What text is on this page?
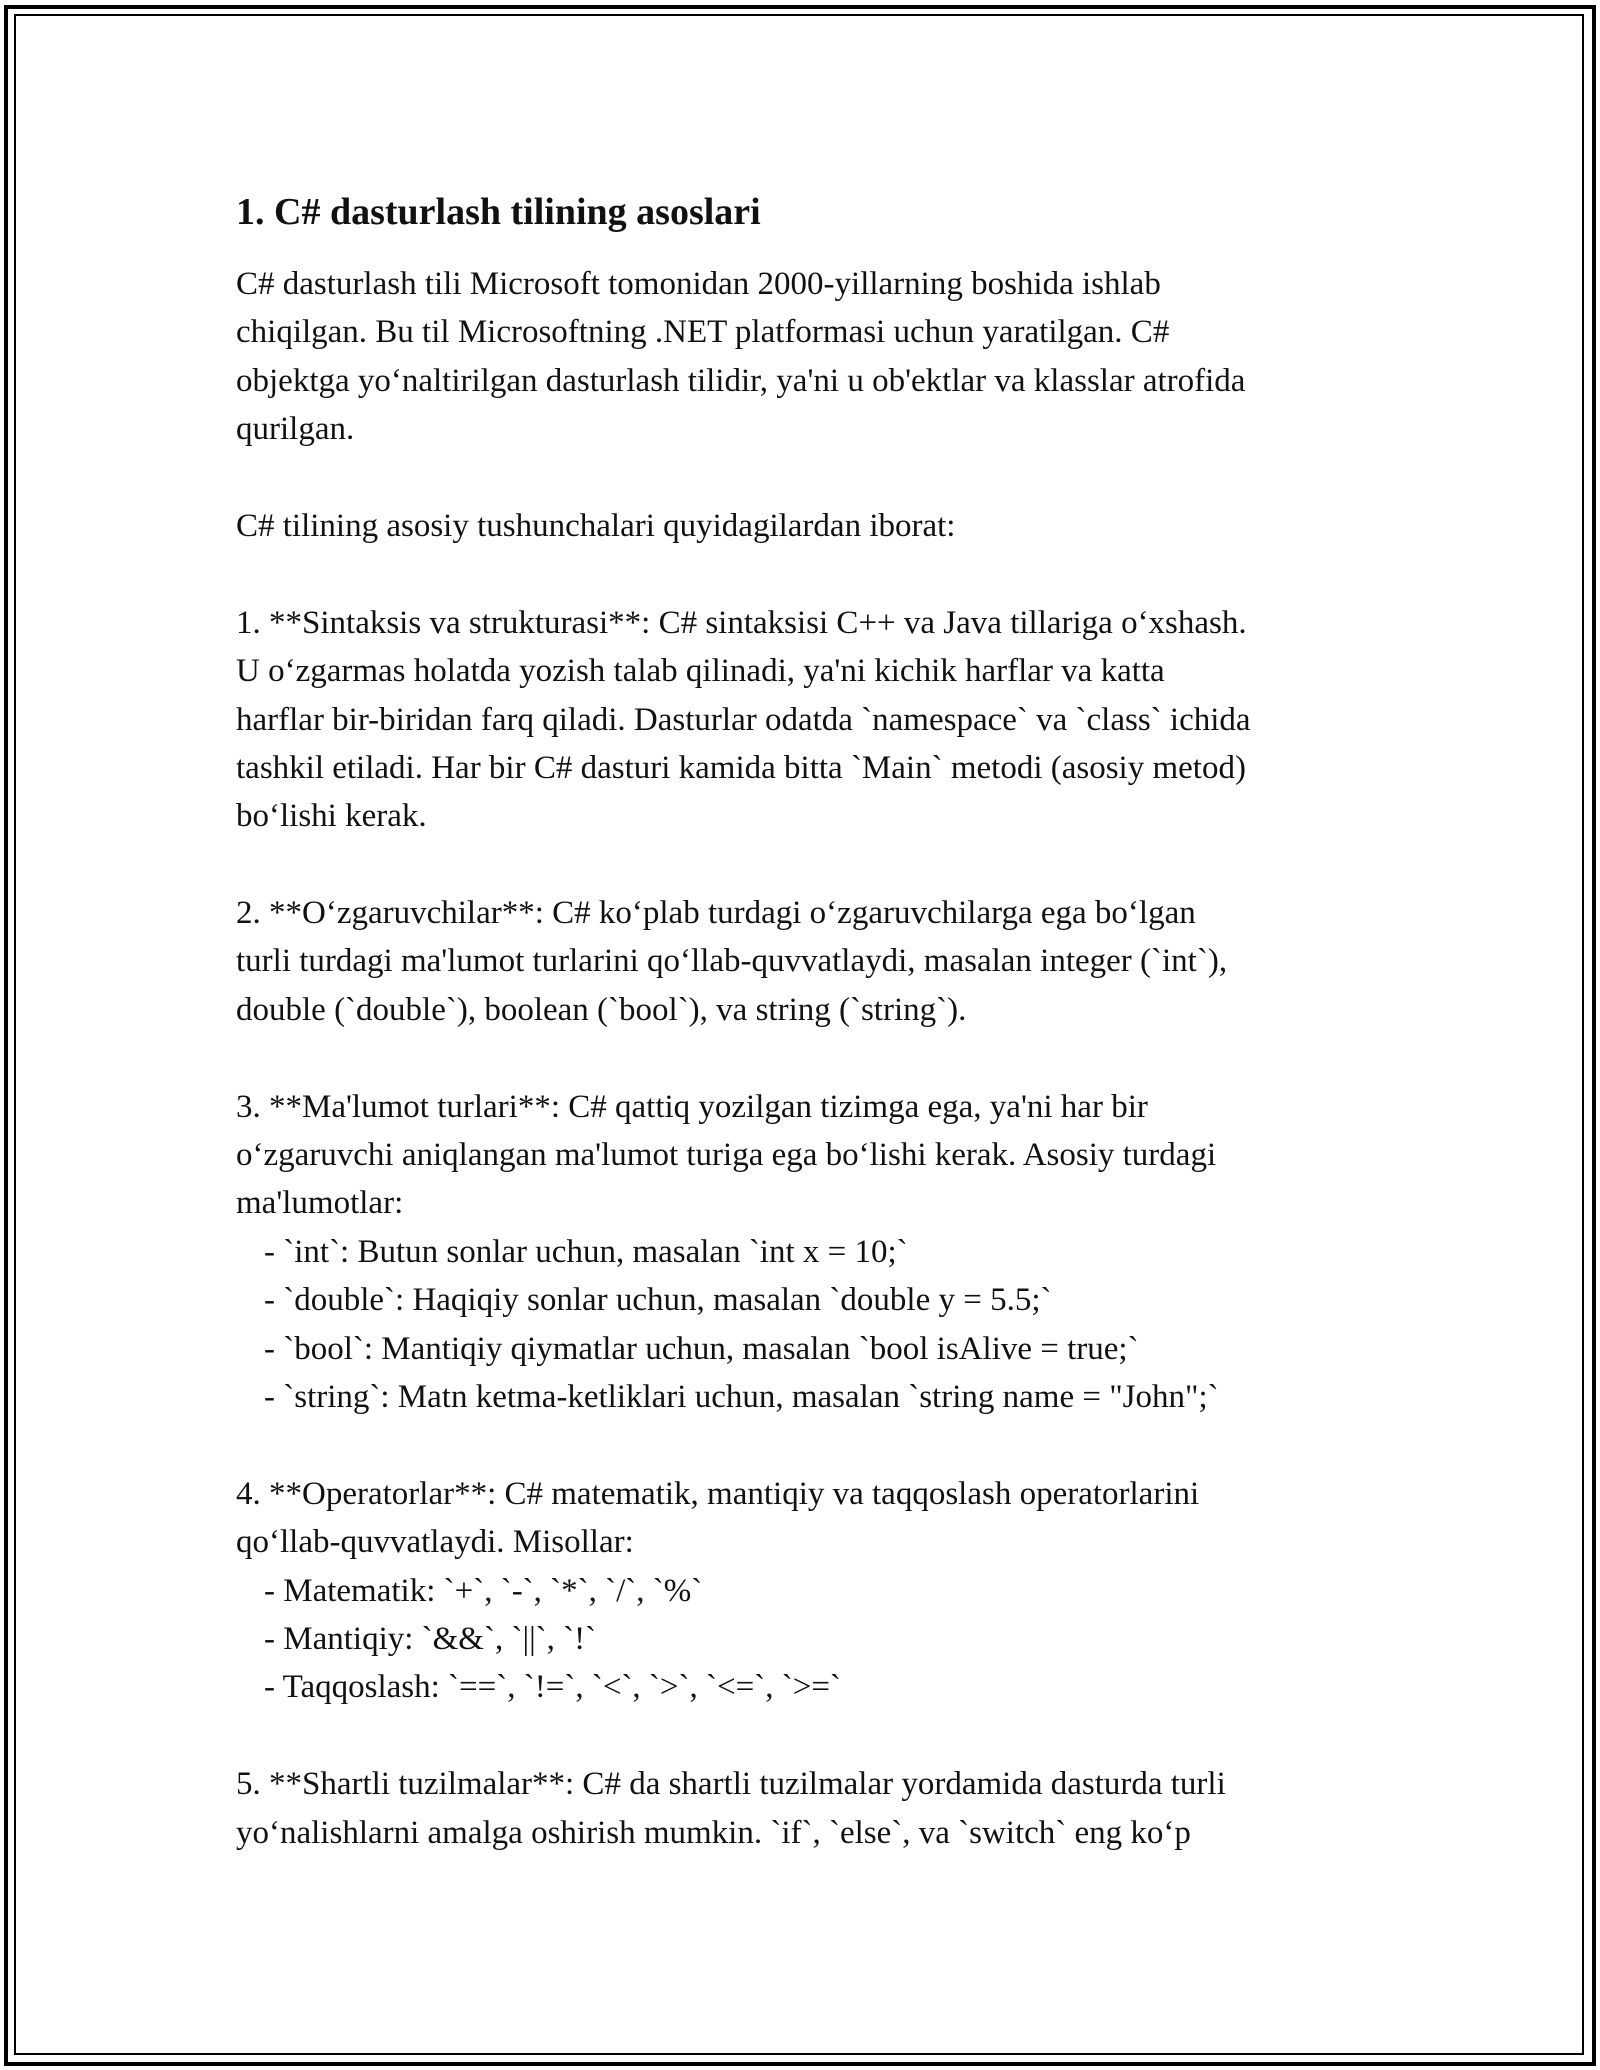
1. C# dasturlash tilining asoslari
C# dasturlash tili Microsoft tomonidan 2000-yillarning boshida ishlab
chiqilgan. Bu til Microsoftning .NET platformasi uchun yaratilgan. C#
objektga yo‘naltirilgan dasturlash tilidir, ya'ni u ob'ektlar va klasslar atrofida
qurilgan.
C# tilining asosiy tushunchalari quyidagilardan iborat:
1. **Sintaksis va strukturasi**: C# sintaksisi C++ va Java tillariga o‘xshash.
U o‘zgarmas holatda yozish talab qilinadi, ya'ni kichik harflar va katta
harflar bir-biridan farq qiladi. Dasturlar odatda `namespace` va `class` ichida
tashkil etiladi. Har bir C# dasturi kamida bitta `Main` metodi (asosiy metod)
bo‘lishi kerak.
2. **O‘zgaruvchilar**: C# ko‘plab turdagi o‘zgaruvchilarga ega bo‘lgan
turli turdagi ma'lumot turlarini qo‘llab-quvvatlaydi, masalan integer (`int`),
double (`double`), boolean (`bool`), va string (`string`).
3. **Ma'lumot turlari**: C# qattiq yozilgan tizimga ega, ya'ni har bir
o‘zgaruvchi aniqlangan ma'lumot turiga ega bo‘lishi kerak. Asosiy turdagi
ma'lumotlar:
- `int`: Butun sonlar uchun, masalan `int x = 10;`
- `double`: Haqiqiy sonlar uchun, masalan `double y = 5.5;`
- `bool`: Mantiqiy qiymatlar uchun, masalan `bool isAlive = true;`
- `string`: Matn ketma-ketliklari uchun, masalan `string name = "John";`
4. **Operatorlar**: C# matematik, mantiqiy va taqqoslash operatorlarini
qo‘llab-quvvatlaydi. Misollar:
- Matematik: `+`, `-`, `*`, `/`, `%`
- Mantiqiy: `&&`, `||`, `!`
- Taqqoslash: `==`, `!=`, `<`, `>`, `<=`, `>=`
5. **Shartli tuzilmalar**: C# da shartli tuzilmalar yordamida dasturda turli
yo‘nalishlarni amalga oshirish mumkin. `if`, `else`, va `switch` eng ko‘p
